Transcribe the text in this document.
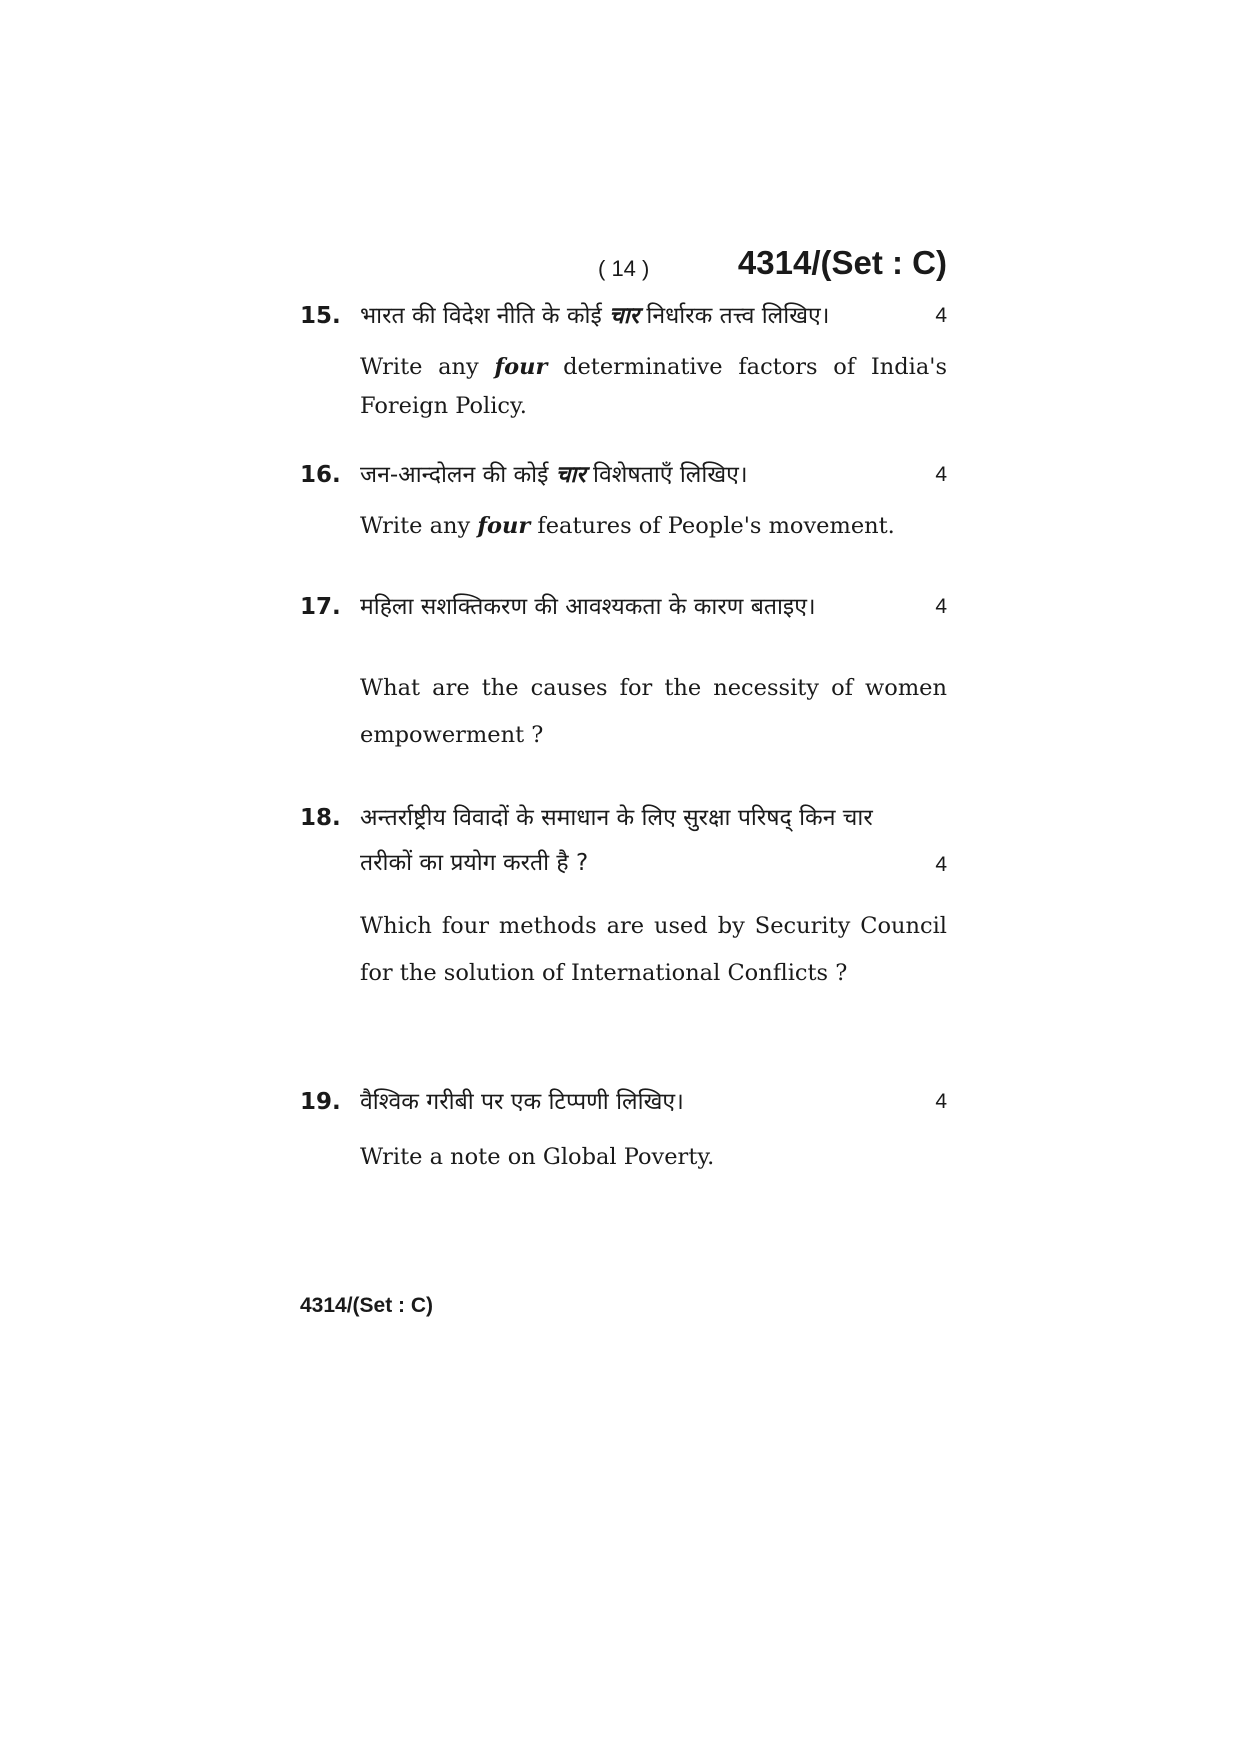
( 14 )	4314/(Set : C)
15. भारत की विदेश नीति के कोई चार निर्धारक तत्त्व लिखिए।	4
Write any four determinative factors of India's Foreign Policy.
16. जन-आन्दोलन की कोई चार विशेषताएँ लिखिए।	4
Write any four features of People's movement.
17. महिला सशक्तिकरण की आवश्यकता के कारण बताइए।	4
What are the causes for the necessity of women empowerment ?
18. अन्तर्राष्ट्रीय विवादों के समाधान के लिए सुरक्षा परिषद् किन चार
तरीकों का प्रयोग करती है ?	4
Which four methods are used by Security Council for the solution of International Conflicts ?
19. वैश्विक गरीबी पर एक टिप्पणी लिखिए।	4
Write a note on Global Poverty.
4314/(Set : C)
